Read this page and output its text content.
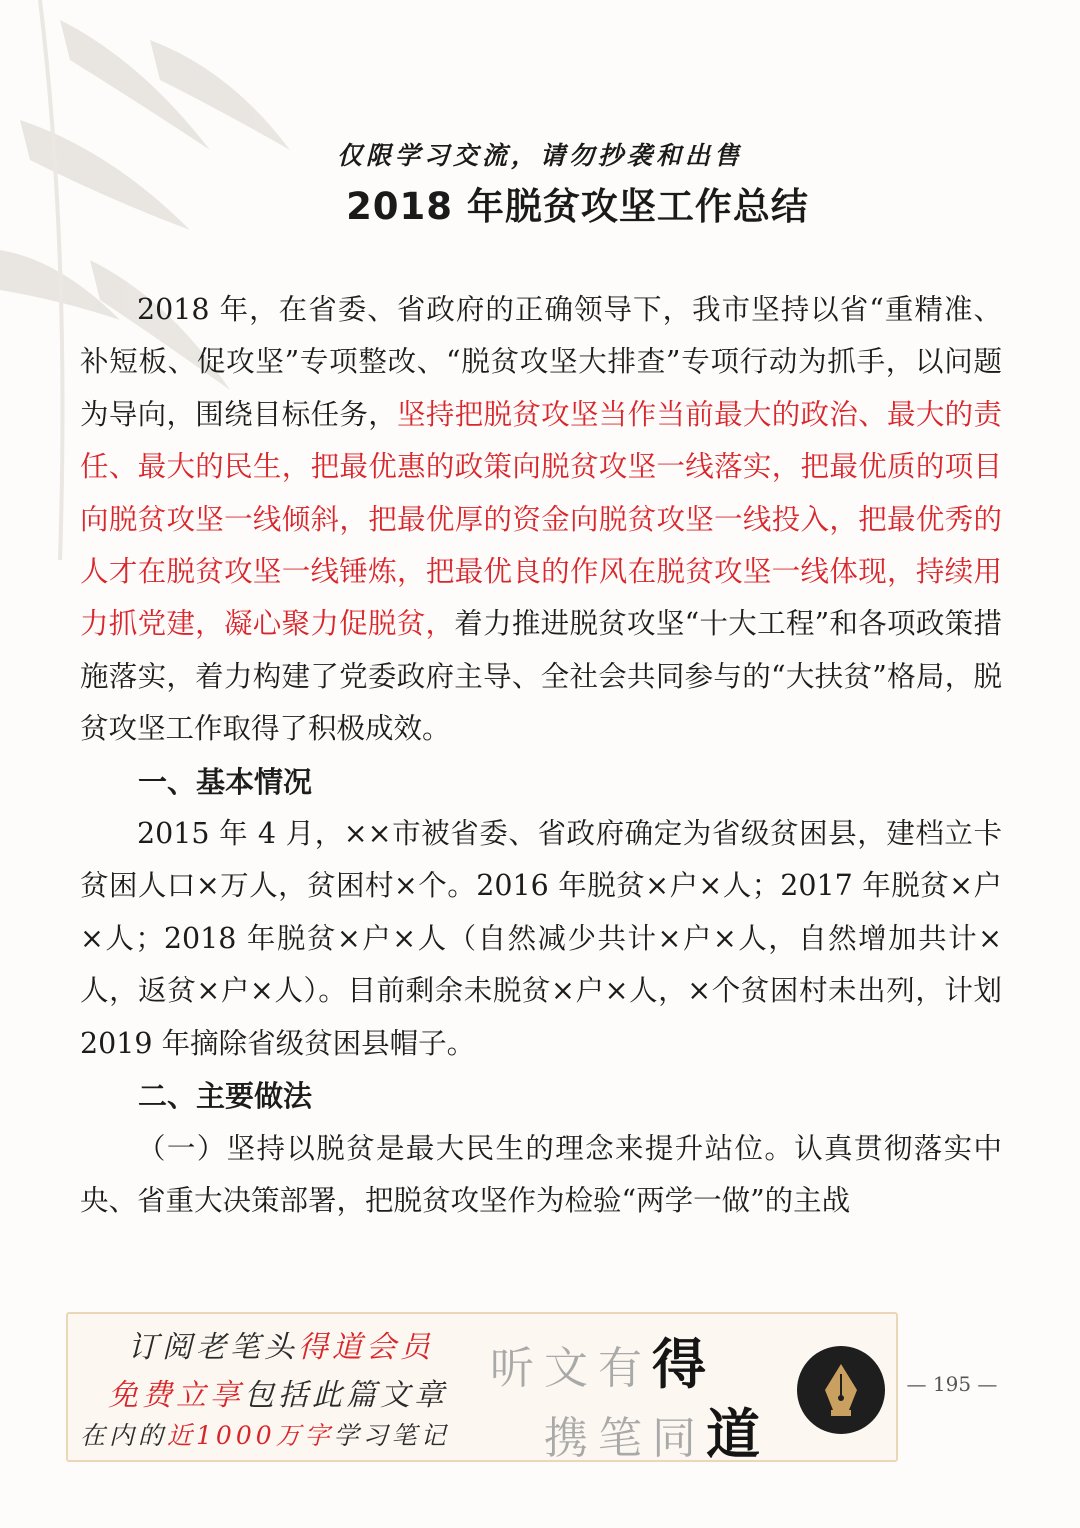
仅限学习交流，请勿抄袭和出售
2018 年脱贫攻坚工作总结

2018 年，在省委、省政府的正确领导下，我市坚持以省“重精准、补短板、促攻坚”专项整改、“脱贫攻坚大排查”专项行动为抓手，以问题为导向，围绕目标任务，坚持把脱贫攻坚当作当前最大的政治、最大的责任、最大的民生，把最优惠的政策向脱贫攻坚一线落实，把最优质的项目向脱贫攻坚一线倾斜，把最优厚的资金向脱贫攻坚一线投入，把最优秀的人才在脱贫攻坚一线锤炼，把最优良的作风在脱贫攻坚一线体现，持续用力抓党建，凝心聚力促脱贫，着力推进脱贫攻坚“十大工程”和各项政策措施落实，着力构建了党委政府主导、全社会共同参与的“大扶贫”格局，脱贫攻坚工作取得了积极成效。

一、基本情况

2015 年 4 月，××市被省委、省政府确定为省级贫困县，建档立卡贫困人口×万人，贫困村×个。2016 年脱贫×户×人；2017 年脱贫×户×人；2018 年脱贫×户×人（自然减少共计×户×人，自然增加共计×人，返贫×户×人）。目前剩余未脱贫×户×人，×个贫困村未出列，计划 2019 年摘除省级贫困县帽子。

二、主要做法

（一）坚持以脱贫是最大民生的理念来提升站位。认真贯彻落实中央、省重大决策部署，把脱贫攻坚作为检验“两学一做”的主战

订阅老笔头得道会员
免费立享包括此篇文章
在内的近1000万字学习笔记
听文有得
携笔同道
— 195 —
